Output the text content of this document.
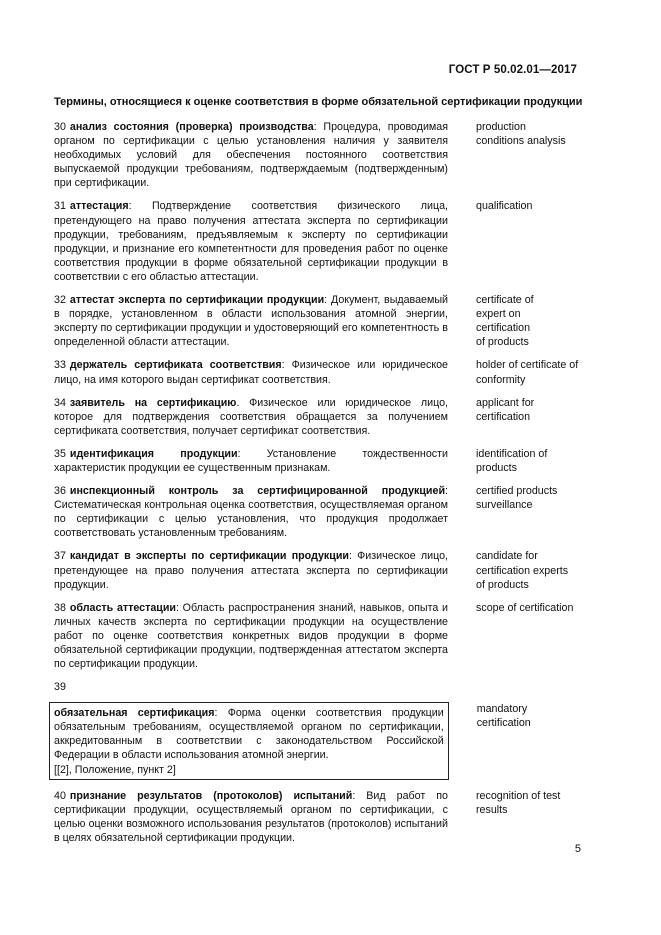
ГОСТ Р 50.02.01—2017
Термины, относящиеся к оценке соответствия в форме обязательной сертификации продукции
30 анализ состояния (проверка) производства: Процедура, проводимая органом по сертификации с целью установления наличия у заявителя необходимых условий для обеспечения постоянного соответствия выпускаемой продукции требованиям, подтверждаемым (подтвержденным) при сертификации.
production
conditions analysis
31 аттестация: Подтверждение соответствия физического лица, претендующего на право получения аттестата эксперта по сертификации продукции, требованиям, предъявляемым к эксперту по сертификации продукции, и признание его компетентности для проведения работ по оценке соответствия продукции в форме обязательной сертификации продукции в соответствии с его областью аттестации.
qualification
32 аттестат эксперта по сертификации продукции: Документ, выдаваемый в порядке, установленном в области использования атомной энергии, эксперту по сертификации продукции и удостоверяющий его компетентность в определенной области аттестации.
certificate of
expert on
certification
of products
33 держатель сертификата соответствия: Физическое или юридическое лицо, на имя которого выдан сертификат соответствия.
holder of certificate of
conformity
34 заявитель на сертификацию. Физическое или юридическое лицо, которое для подтверждения соответствия обращается за получением сертификата соответствия, получает сертификат соответствия.
applicant for
certification
35 идентификация продукции: Установление тождественности характеристик продукции ее существенным признакам.
identification of
products
36 инспекционный контроль за сертифицированной продукцией: Систематическая контрольная оценка соответствия, осуществляемая органом по сертификации с целью установления, что продукция продолжает соответствовать установленным требованиям.
certified products
surveillance
37 кандидат в эксперты по сертификации продукции: Физическое лицо, претендующее на право получения аттестата эксперта по сертификации продукции.
candidate for
certification experts
of products
38 область аттестации: Область распространения знаний, навыков, опыта и личных качеств эксперта по сертификации продукции на осуществление работ по оценке соответствия конкретных видов продукции в форме обязательной сертификации продукции, подтвержденная аттестатом эксперта по сертификации продукции.
scope of certification
39
обязательная сертификация: Форма оценки соответствия продукции обязательным требованиям, осуществляемой органом по сертификации, аккредитованным в соответствии с законодательством Российской Федерации в области использования атомной энергии.
[[2], Положение, пункт 2]
mandatory
certification
40 признание результатов (протоколов) испытаний: Вид работ по сертификации продукции, осуществляемый органом по сертификации, с целью оценки возможного использования результатов (протоколов) испытаний в целях обязательной сертификации продукции.
recognition of test
results
5
